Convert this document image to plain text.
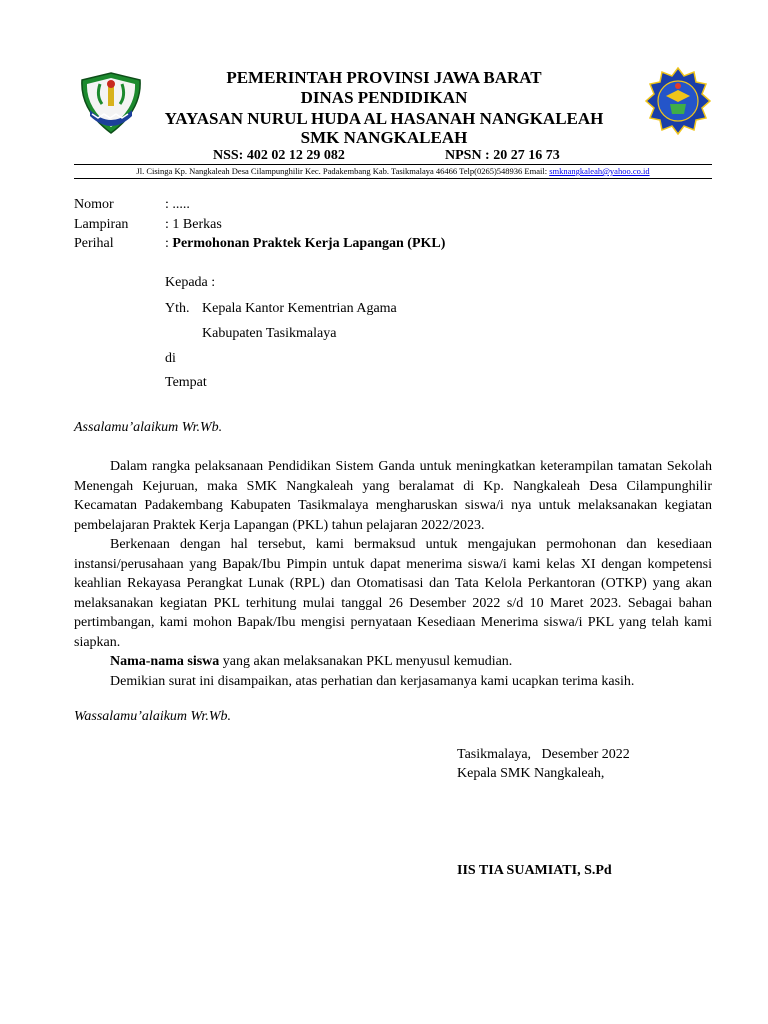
PEMERINTAH PROVINSI JAWA BARAT
DINAS PENDIDIKAN
YAYASAN NURUL HUDA AL HASANAH NANGKALEAH
SMK NANGKALEAH
NSS: 402 02 12 29 082	NPSN : 20 27 16 73
Jl. Cisinga Kp. Nangkaleah Desa Cilampunghilir Kec. Padakembang Kab. Tasikmalaya 46466 Telp(0265)548936 Email: smknangkaleah@yahoo.co.id
Nomor	: .....
Lampiran	: 1 Berkas
Perihal	: Permohonan Praktek Kerja Lapangan (PKL)
Kepada :
Yth. Kepala Kantor Kementrian Agama
Kabupaten Tasikmalaya
di
Tempat
Assalamu’alaikum Wr.Wb.

Dalam rangka pelaksanaan Pendidikan Sistem Ganda untuk meningkatkan keterampilan tamatan Sekolah Menengah Kejuruan, maka SMK Nangkaleah yang beralamat di Kp. Nangkaleah Desa Cilampunghilir Kecamatan Padakembang Kabupaten Tasikmalaya mengharuskan siswa/i nya untuk melaksanakan kegiatan pembelajaran Praktek Kerja Lapangan (PKL) tahun pelajaran 2022/2023.

Berkenaan dengan hal tersebut, kami bermaksud untuk mengajukan permohonan dan kesediaan instansi/perusahaan yang Bapak/Ibu Pimpin untuk dapat menerima siswa/i kami kelas XI dengan kompetensi keahlian Rekayasa Perangkat Lunak (RPL) dan Otomatisasi dan Tata Kelola Perkantoran (OTKP) yang akan melaksanakan kegiatan PKL terhitung mulai tanggal 26 Desember 2022 s/d 10 Maret 2023. Sebagai bahan pertimbangan, kami mohon Bapak/Ibu mengisi pernyataan Kesediaan Menerima siswa/i PKL yang telah kami siapkan.

Nama-nama siswa yang akan melaksanakan PKL menyusul kemudian.

Demikian surat ini disampaikan, atas perhatian dan kerjasamanya kami ucapkan terima kasih.

Wassalamu’alaikum Wr.Wb.
Tasikmalaya,   Desember 2022
Kepala SMK Nangkaleah,
IIS TIA SUAMIATI, S.Pd
